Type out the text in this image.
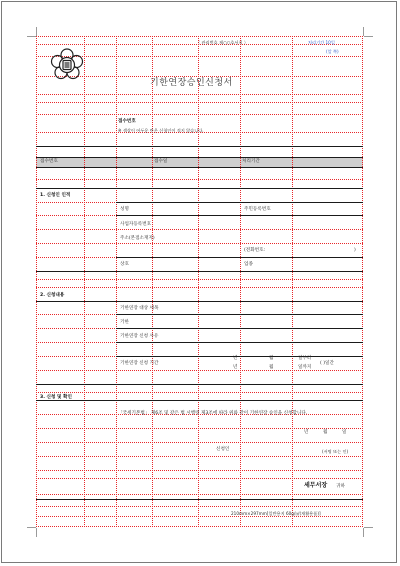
〈 관리번호 제○○호서식 〉	처리기간 10일
(앞 쪽)
기한연장승인신청서
접수번호
※ 색상이 어두운 란은 신청인이 적지 않습니다.
접수번호	접수일	처리기간
1. 신청인 인적
성명	주민등록번호
사업자등록번호
주소(본점소재지)
(전화번호:	)
상호	업종
2. 신청내용
기한연장 대상 세목
기한
기한연장 신청 사유
기한연장 신청 기간
년	월	일부터
년	월	일까지
( )일간
3. 신청 및 확인
「국세기본법」 제6조 및 같은 법 시행령 제3조에 따라 위와 같이 기한연장 승인을 신청합니다.
년	월	일
신청인	(서명 또는 인)
세무서장 귀하
210mm×297mm[일반용지 60g/㎡(재활용품)]
